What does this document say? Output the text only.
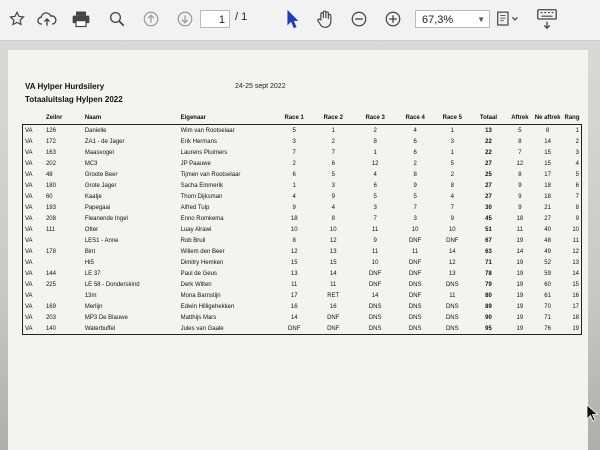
1 / 1	67,3%	▼
VA Hylper Hurdsilery
Totaaluitslag Hylpen 2022
24-25 sept 2022
	Zeilnr	Naam	Eigenaar	Race 1	Race 2	Race 3	Race 4	Race 5	Totaal	Aftrek	Ne aftrek	Rang
VA	126	Danielle	Wim van Rootselaar	5	1	2	4	1	13	5	8	1
VA	172	ZA1 - de Jager	Erik Hermans	3	2	8	6	3	22	8	14	2
VA	163	Maasvogel	Laurens Pluimers	7	7	1	6	1	22	7	15	3
VA	202	MC3	JP Paauwe	2	6	12	2	5	27	12	15	4
VA	48	Groote Beer	Tijmen van Rootselaar	6	5	4	8	2	25	8	17	5
VA	180	Grote Jager	Sacha Emmerik	1	3	6	9	8	27	9	18	6
VA	60	Kaatje	Thom Dijksman	4	9	5	5	4	27	9	18	7
VA	193	Papegaai	Alfred Tulp	9	4	3	7	7	30	9	21	8
VA	208	Fleanende Ingel	Enno Romkema	18	8	7	3	9	45	18	27	9
VA	111	Otter	Luay Alrawi	10	10	11	10	10	51	11	40	10
VA		LES1 - Anne	Rob Bruil	8	12	9	DNF	DNF	67	19	48	11
VA	178	Bint	Willem den Beer	12	13	11	11	14	63	14	49	12
VA		Hi5	Dimitry Hemken	15	15	10	DNF	12	71	19	52	13
VA	144	LE 37	Paul de Geus	13	14	DNF	DNF	13	78	19	59	14
VA	225	LE 58 - Donderskind	Derk Wilten	11	11	DNF	DNS	DNS	79	19	60	15
VA		13m	Mona Barnstijn	17	RET	14	DNF	11	80	19	61	16
VA	169	Merlijn	Edwin Hilligehekken	16	16	DNS	DNS	DNS	89	19	70	17
VA	203	MP3 De Blauwe	Matthijs Mars	14	DNF	DNS	DNS	DNS	90	19	71	18
VA	140	Waterbuffel	Jules van Gaale	DNF	DNF	DNS	DNS	DNS	95	19	76	19
